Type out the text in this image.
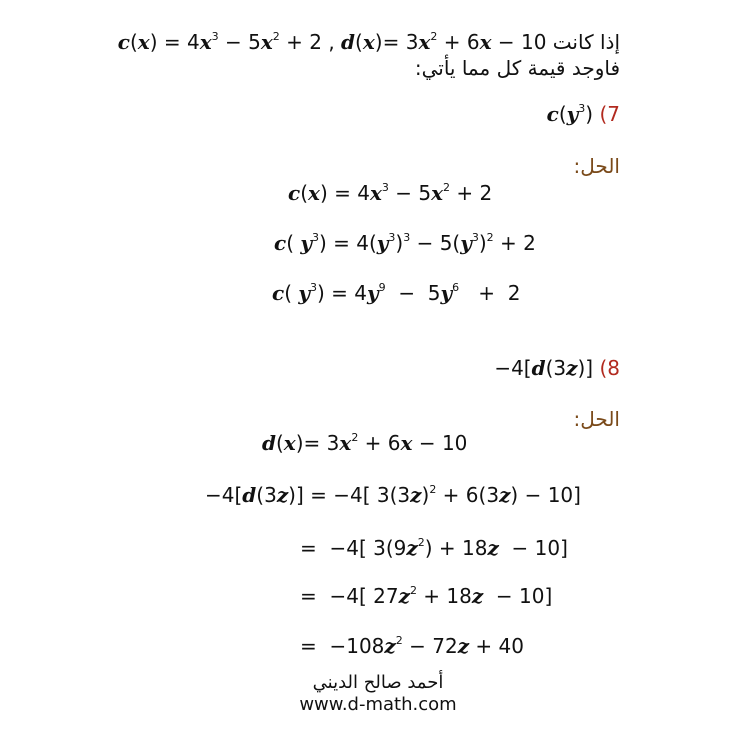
$c(x) = 4x^3 - 5x^2 + 2$ , $d(x)= 3x^2 + 6x - 10$ إذا كانت
فاوجد قيمة كل مما يأتي:
7) $c(y^3)$
الحل:
$c(x) = 4x^3 - 5x^2 + 2$
c( $y^3) = 4(y^3)^3 - 5(y^3)^2 + 2$
c( $y^3) = 4y^9 - 5y^6 + 2$
8) −4[d(3z)]
الحل:
$d(x)= 3x^2 + 6x - 10$
−4[d(3z)] = −4[ $3(3z)^2 + 6(3z) - 10$]
=  −4[ $3(9z^2) + 18z - 10$]
=  −4[ $27z^2 + 18z - 10$]
=  $-108z^2 - 72z + 40$
أحمد صالح الديني
www.d-math.com
